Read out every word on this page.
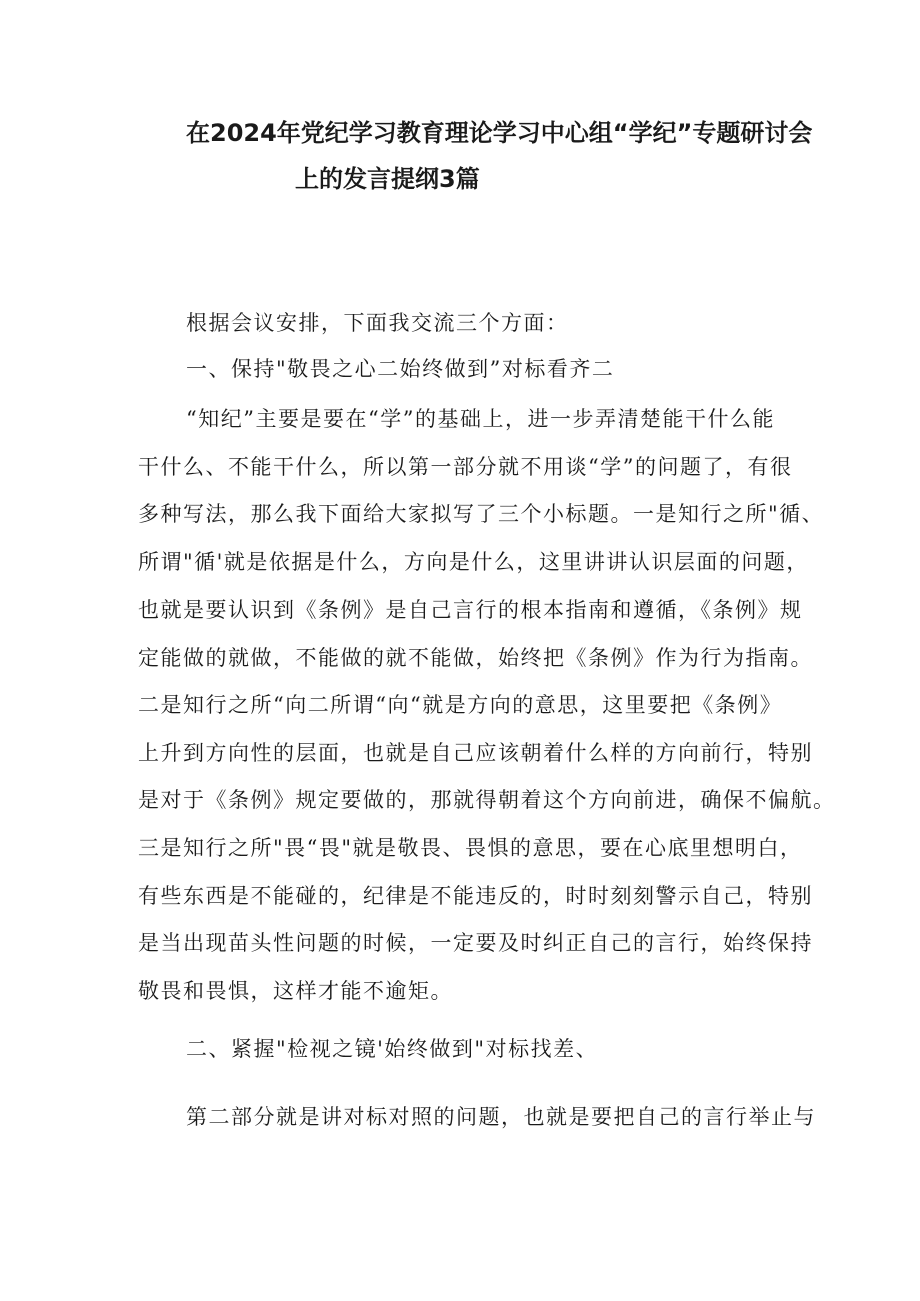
在2024年党纪学习教育理论学习中心组“学纪”专题研讨会
上的发言提纲3篇
根据会议安排，下面我交流三个方面：
一、保持"敬畏之心二始终做到”对标看齐二
“知纪”主要是要在“学”的基础上，进一步弄清楚能干什么能
干什么、不能干什么，所以第一部分就不用谈“学”的问题了，有很
多种写法，那么我下面给大家拟写了三个小标题。一是知行之所"循、
所谓"循'就是依据是什么，方向是什么，这里讲讲认识层面的问题，
也就是要认识到《条例》是自己言行的根本指南和遵循，《条例》规
定能做的就做，不能做的就不能做，始终把《条例》作为行为指南。
二是知行之所“向二所谓“向“就是方向的意思，这里要把《条例》
上升到方向性的层面，也就是自己应该朝着什么样的方向前行，特别
是对于《条例》规定要做的，那就得朝着这个方向前进，确保不偏航。
三是知行之所"畏“畏"就是敬畏、畏惧的意思，要在心底里想明白，
有些东西是不能碰的，纪律是不能违反的，时时刻刻警示自己，特别
是当出现苗头性问题的时候，一定要及时纠正自己的言行，始终保持
敬畏和畏惧，这样才能不逾矩。
二、紧握"检视之镜'始终做到"对标找差、
第二部分就是讲对标对照的问题，也就是要把自己的言行举止与
